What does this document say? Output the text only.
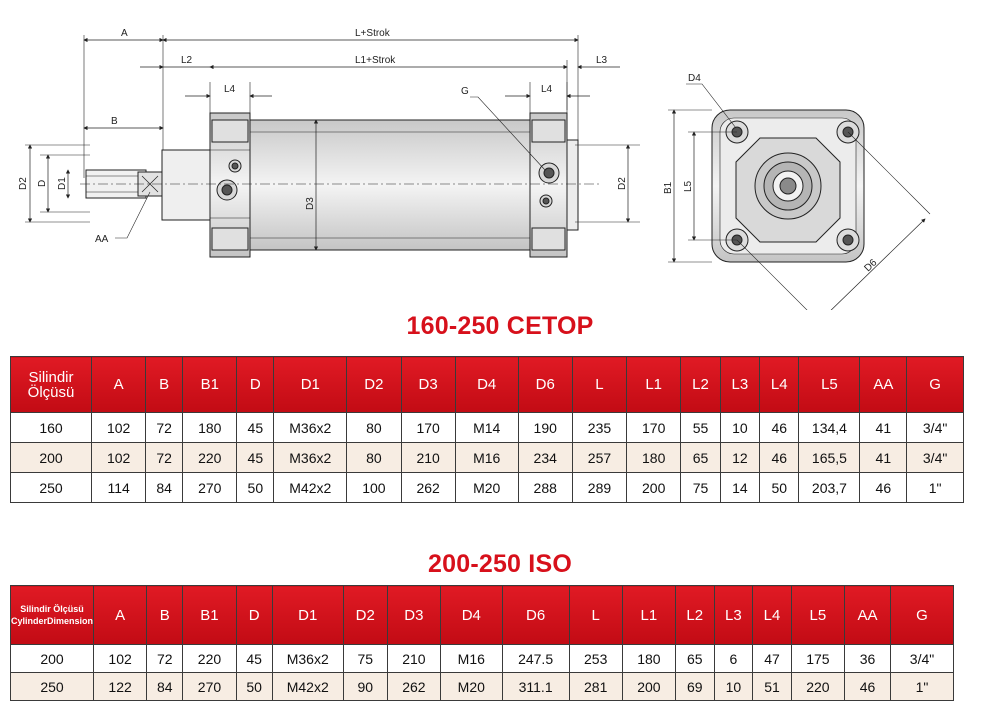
A	L+Strok
L2	L1+Strok	L3
L4	G	L4
B
D2 D D1
D3
D2
AA
D4
B1 L5
D6
160-250 CETOP
Silindir
Ölçüsü	A	B	B1	D	D1	D2	D3	D4	D6	L	L1	L2	L3	L4	L5	AA	G
160	102	72	180	45	M36x2	80	170	M14	190	235	170	55	10	46	134,4	41	3/4"
200	102	72	220	45	M36x2	80	210	M16	234	257	180	65	12	46	165,5	41	3/4"
250	114	84	270	50	M42x2	100	262	M20	288	289	200	75	14	50	203,7	46	1"
200-250 ISO
Silindir Ölçüsü
CylinderDimension	A	B	B1	D	D1	D2	D3	D4	D6	L	L1	L2	L3	L4	L5	AA	G
200	102	72	220	45	M36x2	75	210	M16	247.5	253	180	65	6	47	175	36	3/4"
250	122	84	270	50	M42x2	90	262	M20	311.1	281	200	69	10	51	220	46	1"
